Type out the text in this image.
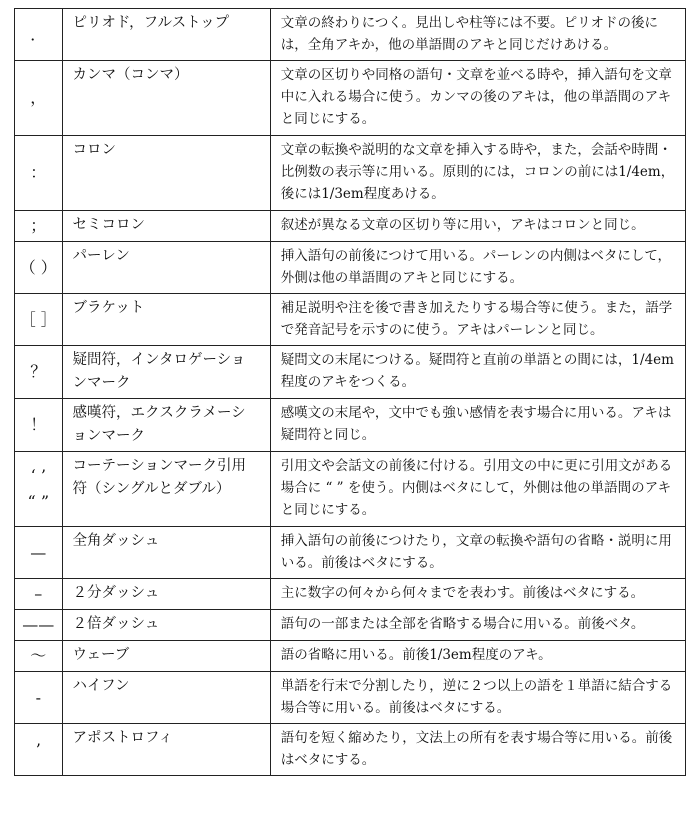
．	ピリオド，フルストップ	文章の終わりにつく。見出しや柱等には不要。ピリオドの後には，全角アキか，他の単語間のアキと同じだけあける。

，	カンマ（コンマ）	文章の区切りや同格の語句・文章を並べる時や，挿入語句を文章中に入れる場合に使う。カンマの後のアキは，他の単語間のアキと同じにする。

：	コロン	文章の転換や説明的な文章を挿入する時や，また，会話や時間・比例数の表示等に用いる。原則的には，コロンの前には1/4em，後には1/3em程度あける。

；	セミコロン	叙述が異なる文章の区切り等に用い，アキはコロンと同じ。

（ ）	パーレン	挿入語句の前後につけて用いる。パーレンの内側はベタにして，外側は他の単語間のアキと同じにする。

［ ］	ブラケット	補足説明や注を後で書き加えたりする場合等に使う。また，語学で発音記号を示すのに使う。アキはパーレンと同じ。

？	疑問符，インタロゲーションマーク	疑問文の末尾につける。疑問符と直前の単語との間には，1/4em程度のアキをつくる。

！	感嘆符，エクスクラメーションマーク	感嘆文の末尾や，文中でも強い感情を表す場合に用いる。アキは疑問符と同じ。

‘ ’
“ ”	コーテーションマーク引用符（シングルとダブル）	引用文や会話文の前後に付ける。引用文の中に更に引用文がある場合に “ ” を使う。内側はベタにして，外側は他の単語間のアキと同じにする。

—	全角ダッシュ	挿入語句の前後につけたり，文章の転換や語句の省略・説明に用いる。前後はベタにする。

–	２分ダッシュ	主に数字の何々から何々までを表わす。前後はベタにする。

——	２倍ダッシュ	語句の一部または全部を省略する場合に用いる。前後ベタ。

～	ウェーブ	語の省略に用いる。前後1/3em程度のアキ。

-	ハイフン	単語を行末で分割したり，逆に２つ以上の語を１単語に結合する場合等に用いる。前後はベタにする。

’	アポストロフィ	語句を短く縮めたり，文法上の所有を表す場合等に用いる。前後はベタにする。
